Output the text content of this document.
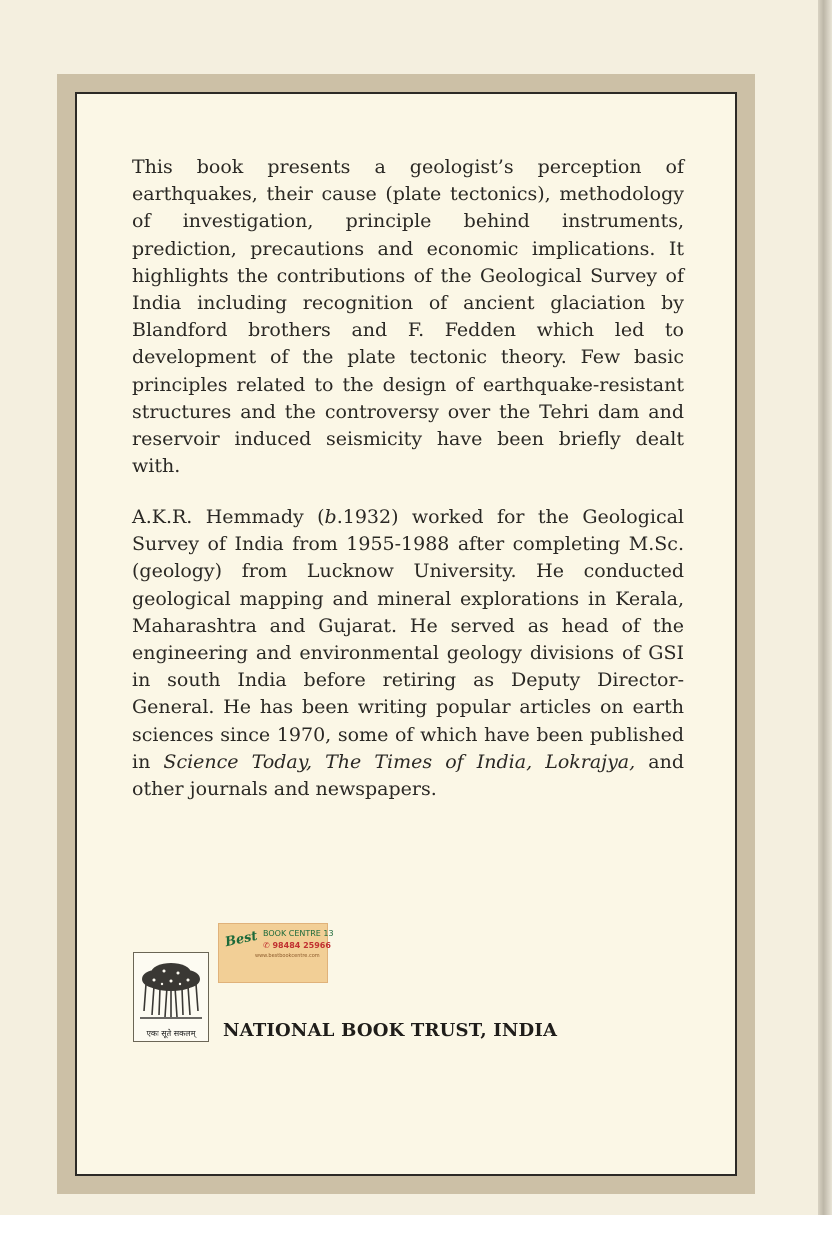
This book presents a geologist’s perception of earthquakes, their cause (plate tectonics), methodology of investigation, principle behind instruments, prediction, precautions and economic implications. It highlights the contributions of the Geological Survey of India including recognition of ancient glaciation by Blandford brothers and F. Fedden which led to development of the plate tectonic theory. Few basic principles related to the design of earthquake-resistant structures and the controversy over the Tehri dam and reservoir induced seismicity have been briefly dealt with.

A.K.R. Hemmady (b.1932) worked for the Geological Survey of India from 1955-1988 after completing M.Sc. (geology) from Lucknow University. He conducted geological mapping and mineral explorations in Kerala, Maharashtra and Gujarat. He served as head of the engineering and environmental geology divisions of GSI in south India before retiring as Deputy Director-General. He has been writing popular articles on earth sciences since 1970, some of which have been published in Science Today, The Times of India, Lokrajya, and other journals and newspapers.

Best BOOK CENTRE 13
✆ 98484 25966
www.bestbookcentre.com
एकः सूते सकलम्	NATIONAL BOOK TRUST, INDIA
